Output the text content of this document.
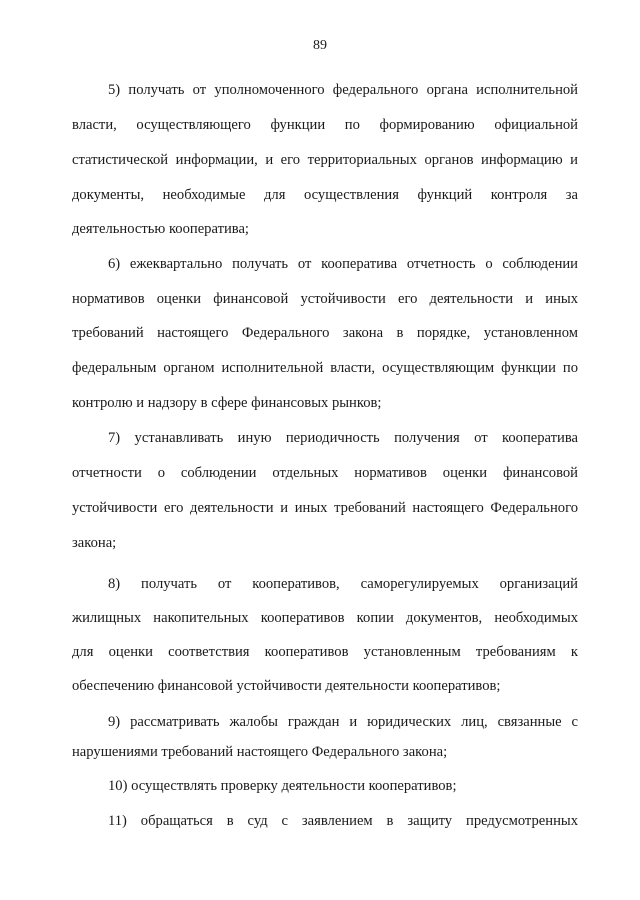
89
5) получать от уполномоченного федерального органа исполнительной
власти, осуществляющего функции по формированию официальной
статистической информации, и его территориальных органов информацию и
документы, необходимые для осуществления функций контроля за
деятельностью кооператива;
6) ежеквартально получать от кооператива отчетность о соблюдении
нормативов оценки финансовой устойчивости его деятельности и иных
требований настоящего Федерального закона в порядке, установленном
федеральным органом исполнительной власти, осуществляющим функции по
контролю и надзору в сфере финансовых рынков;
7) устанавливать иную периодичность получения от кооператива
отчетности о соблюдении отдельных нормативов оценки финансовой
устойчивости его деятельности и иных требований настоящего Федерального
закона;
8) получать от кооперативов, саморегулируемых организаций
жилищных накопительных кооперативов копии документов, необходимых
для оценки соответствия кооперативов установленным требованиям к
обеспечению финансовой устойчивости деятельности кооперативов;
9) рассматривать жалобы граждан и юридических лиц, связанные с
нарушениями требований настоящего Федерального закона;
10) осуществлять проверку деятельности кооперативов;
11) обращаться в суд с заявлением в защиту предусмотренных
